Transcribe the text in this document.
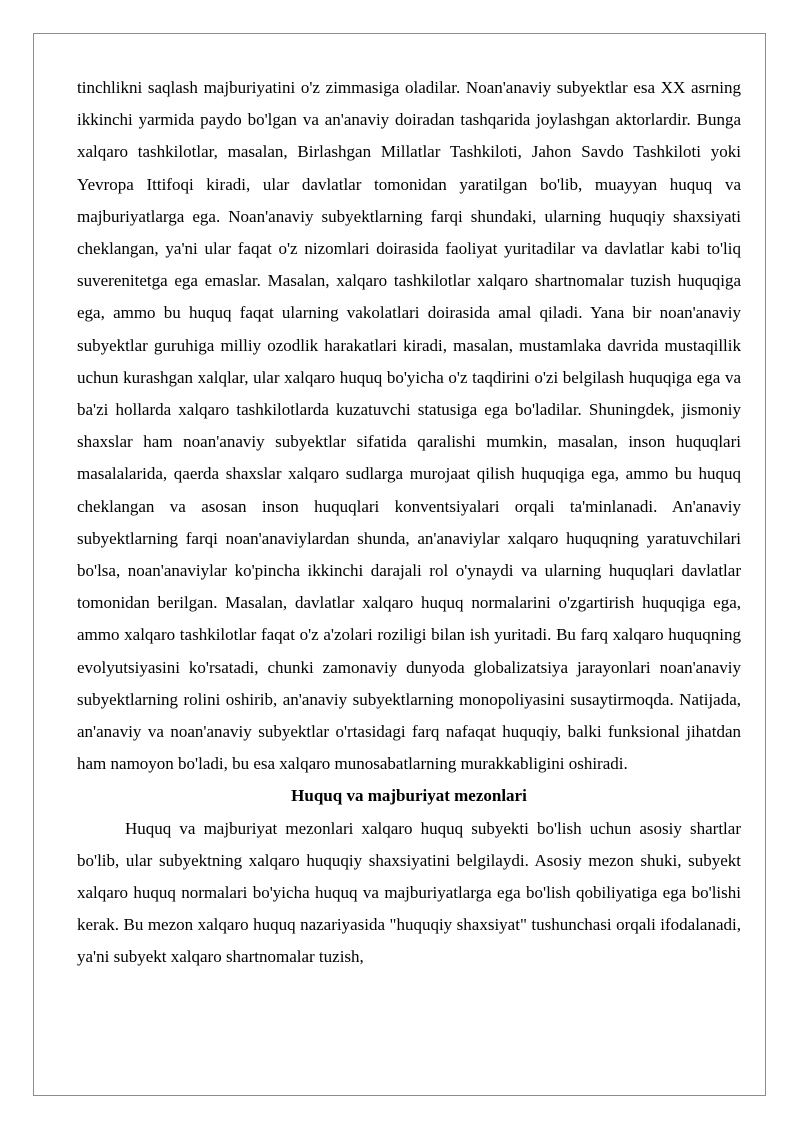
tinchlikni saqlash majburiyatini o'z zimmasiga oladilar. Noan'anaviy subyektlar esa XX asrning ikkinchi yarmida paydo bo'lgan va an'anaviy doiradan tashqarida joylashgan aktorlardir. Bunga xalqaro tashkilotlar, masalan, Birlashgan Millatlar Tashkiloti, Jahon Savdo Tashkiloti yoki Yevropa Ittifoqi kiradi, ular davlatlar tomonidan yaratilgan bo'lib, muayyan huquq va majburiyatlarga ega. Noan'anaviy subyektlarning farqi shundaki, ularning huquqiy shaxsiyati cheklangan, ya'ni ular faqat o'z nizomlari doirasida faoliyat yuritadilar va davlatlar kabi to'liq suverenitetga ega emaslar. Masalan, xalqaro tashkilotlar xalqaro shartnomalar tuzish huquqiga ega, ammo bu huquq faqat ularning vakolatlari doirasida amal qiladi. Yana bir noan'anaviy subyektlar guruhiga milliy ozodlik harakatlari kiradi, masalan, mustamlaka davrida mustaqillik uchun kurashgan xalqlar, ular xalqaro huquq bo'yicha o'z taqdirini o'zi belgilash huquqiga ega va ba'zi hollarda xalqaro tashkilotlarda kuzatuvchi statusiga ega bo'ladilar. Shuningdek, jismoniy shaxslar ham noan'anaviy subyektlar sifatida qaralishi mumkin, masalan, inson huquqlari masalalarida, qaerda shaxslar xalqaro sudlarga murojaat qilish huquqiga ega, ammo bu huquq cheklangan va asosan inson huquqlari konventsiyalari orqali ta'minlanadi. An'anaviy subyektlarning farqi noan'anaviylardan shunda, an'anaviylar xalqaro huquqning yaratuvchilari bo'lsa, noan'anaviylar ko'pincha ikkinchi darajali rol o'ynaydi va ularning huquqlari davlatlar tomonidan berilgan. Masalan, davlatlar xalqaro huquq normalarini o'zgartirish huquqiga ega, ammo xalqaro tashkilotlar faqat o'z a'zolari roziligi bilan ish yuritadi. Bu farq xalqaro huquqning evolyutsiyasini ko'rsatadi, chunki zamonaviy dunyoda globalizatsiya jarayonlari noan'anaviy subyektlarning rolini oshirib, an'anaviy subyektlarning monopoliyasini susaytirmoqda. Natijada, an'anaviy va noan'anaviy subyektlar o'rtasidagi farq nafaqat huquqiy, balki funksional jihatdan ham namoyon bo'ladi, bu esa xalqaro munosabatlarning murakkabligini oshiradi.

Huquq va majburiyat mezonlari

Huquq va majburiyat mezonlari xalqaro huquq subyekti bo'lish uchun asosiy shartlar bo'lib, ular subyektning xalqaro huquqiy shaxsiyatini belgilaydi. Asosiy mezon shuki, subyekt xalqaro huquq normalari bo'yicha huquq va majburiyatlarga ega bo'lish qobiliyatiga ega bo'lishi kerak. Bu mezon xalqaro huquq nazariyasida "huquqiy shaxsiyat" tushunchasi orqali ifodalanadi, ya'ni subyekt xalqaro shartnomalar tuzish,
